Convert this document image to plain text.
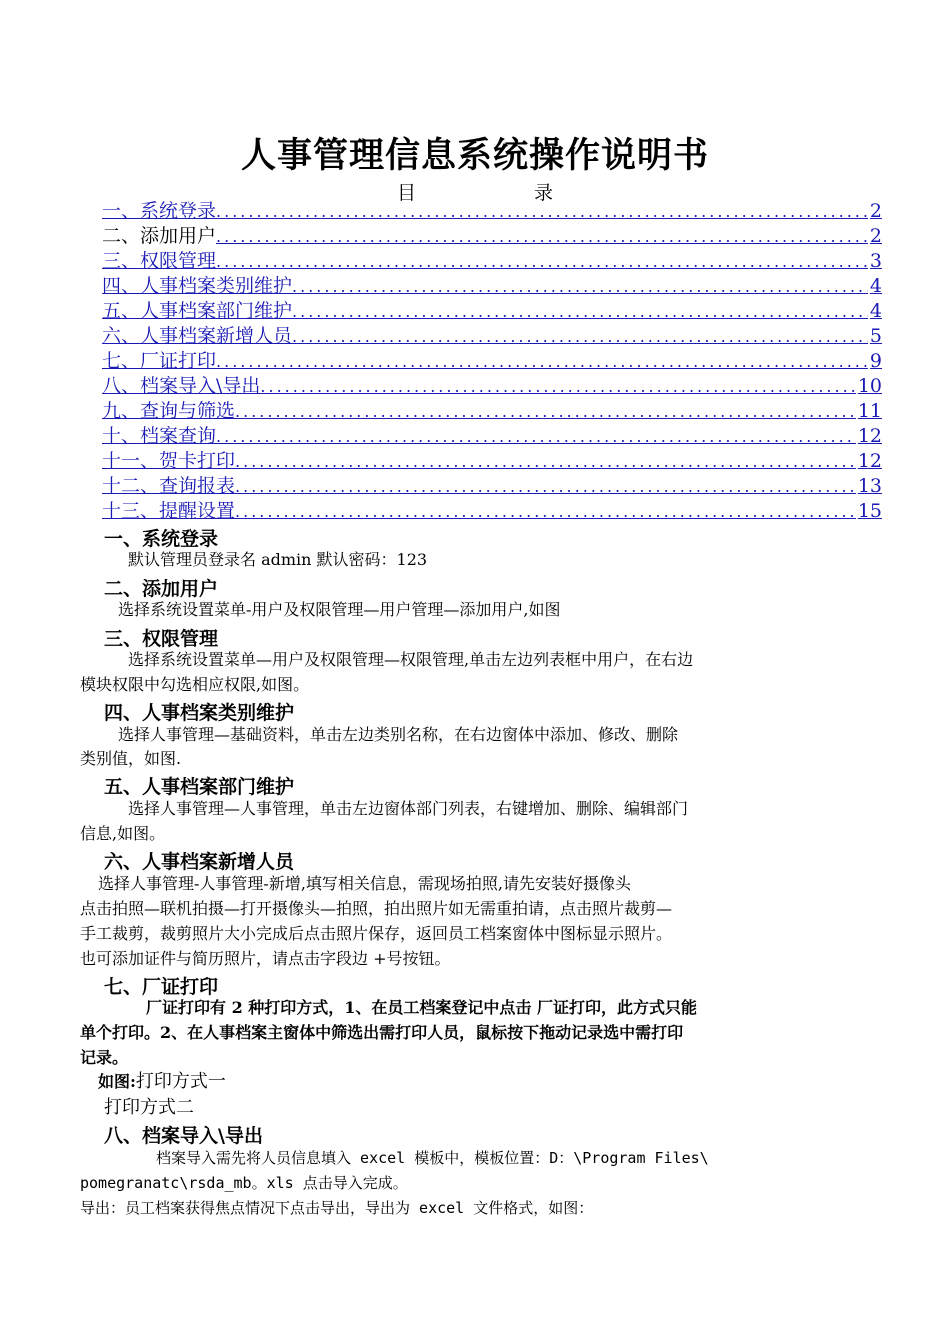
人事管理信息系统操作说明书
目	录
一、系统登录 .....	2
二、添加用户 .....	2
三、权限管理 .....	3
四、人事档案类别维护 .....	4
五、人事档案部门维护 .....	4
六、人事档案新增人员 .....	5
七、厂证打印 .....	9
八、档案导入\导出 .....	10
九、查询与筛选 .....	11
十、档案查询 .....	12
十一、贺卡打印 .....	12
十二、查询报表 .....	13
十三、提醒设置 .....	15
一、系统登录

默认管理员登录名 admin 默认密码：123

二、添加用户

选择系统设置菜单-用户及权限管理—用户管理—添加用户,如图

三、权限管理

选择系统设置菜单—用户及权限管理—权限管理,单击左边列表框中用户，在右边

模块权限中勾选相应权限,如图。

四、人事档案类别维护

选择人事管理—基础资料，单击左边类别名称，在右边窗体中添加、修改、删除

类别值，如图.

五、人事档案部门维护

选择人事管理—人事管理，单击左边窗体部门列表，右键增加、删除、编辑部门

信息,如图。

六、人事档案新增人员

选择人事管理-人事管理-新增,填写相关信息，需现场拍照,请先安装好摄像头

点击拍照—联机拍摄—打开摄像头—拍照，拍出照片如无需重拍请，点击照片裁剪—

手工裁剪，裁剪照片大小完成后点击照片保存，返回员工档案窗体中图标显示照片。

也可添加证件与简历照片，请点击字段边 +号按钮。

七、厂证打印

厂证打印有 2 种打印方式，1、在员工档案登记中点击 厂证打印，此方式只能

单个打印。2、在人事档案主窗体中筛选出需打印人员，鼠标按下拖动记录选中需打印

记录。

如图:打印方式一

打印方式二

八、档案导入\导出

档案导入需先将人员信息填入 excel 模板中，模板位置：D：\Program Files\

pomegranatc\rsda_mb。xls 点击导入完成。

导出：员工档案获得焦点情况下点击导出，导出为 excel 文件格式，如图：
